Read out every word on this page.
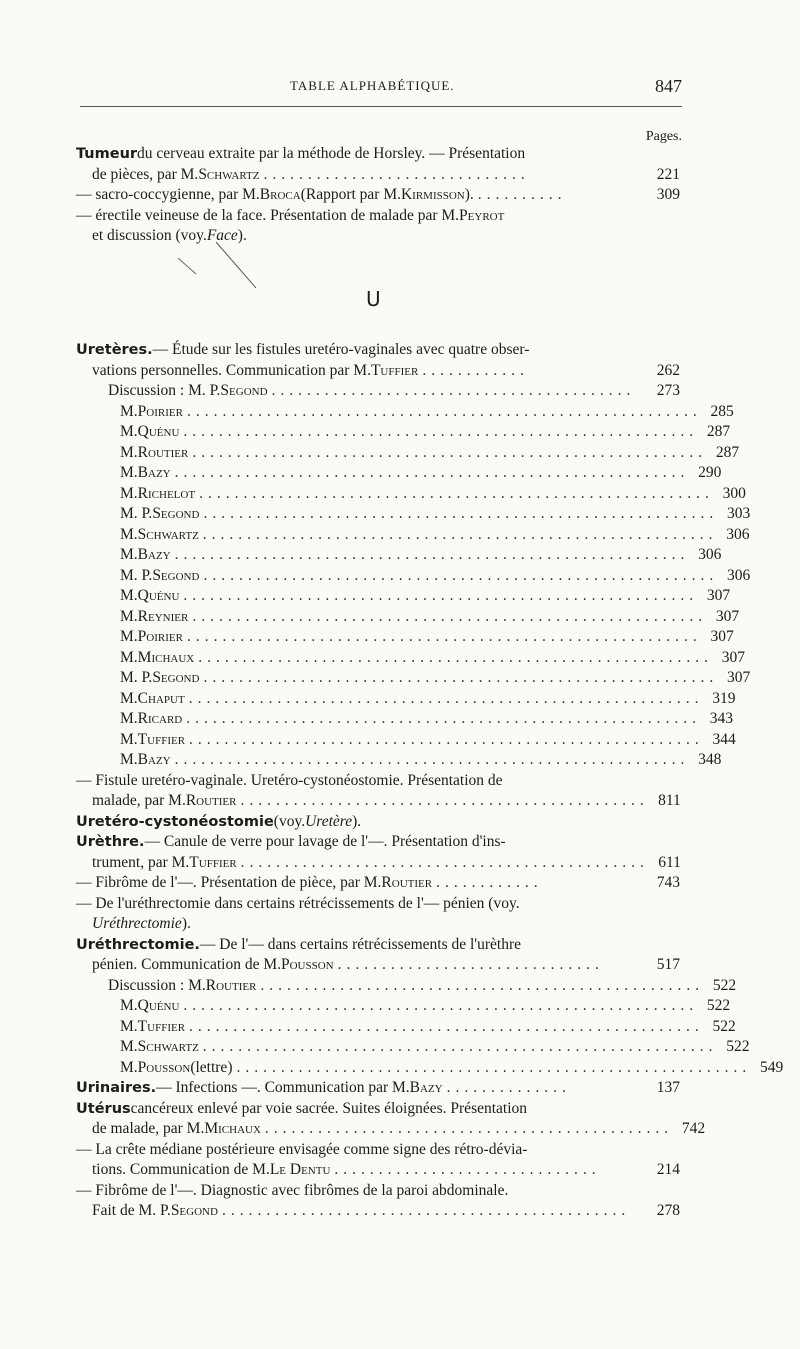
TABLE ALPHABÉTIQUE.	847
Pages.
Tumeur du cerveau extraite par la méthode de Horsley. — Présentation
de pièces, par M. Schwartz ..............................	221
— sacro-coccygienne, par M. Broca (Rapport par M. Kirmisson ). ..........	309
— érectile veineuse de la face. Présentation de malade par M. Peyrot
et discussion (voy. Face ).
U
Uretères. — Étude sur les fistules uretéro-vaginales avec quatre obser-
vations personnelles. Communication par M. Tuffier ............	262
Discussion : M. P. Segond .........................................	273
M. Poirier .......................................................... 285
M. Quénu .......................................................... 287
M. Routier .......................................................... 287
M. Bazy .......................................................... 290
M. Richelot .......................................................... 300
M. P. Segond .......................................................... 303
M. Schwartz .......................................................... 306
M. Bazy .......................................................... 306
M. P. Segond .......................................................... 306
M. Quénu .......................................................... 307
M. Reynier .......................................................... 307
M. Poirier .......................................................... 307
M. Michaux .......................................................... 307
M. P. Segond .......................................................... 307
M. Chaput .......................................................... 319
M. Ricard .......................................................... 343
M. Tuffier .......................................................... 344
M. Bazy .......................................................... 348
— Fistule uretéro-vaginale. Uretéro-cystonéostomie. Présentation de
malade, par M. Routier .............................................. 811
Uretéro-cystonéostomie (voy. Uretère ).
Urèthre. — Canule de verre pour lavage de l'—. Présentation d'ins-
trument, par M. Tuffier .............................................. 611
— Fibrôme de l'—. Présentation de pièce, par M. Routier ............	743
— De l'uréthrectomie dans certains rétrécissements de l'— pénien (voy.
Uréthrectomie ).
Uréthrectomie. — De l'— dans certains rétrécissements de l'urèthre
pénien. Communication de M. Pousson ..............................	517
Discussion : M. Routier .................................................. 522
M. Quénu .......................................................... 522
M. Tuffier .......................................................... 522
M. Schwartz .......................................................... 522
M. Pousson (lettre) .......................................................... 549
Urinaires. — Infections —. Communication par M. Bazy ..............	137
Utérus cancéreux enlevé par voie sacrée. Suites éloignées. Présentation
de malade, par M. Michaux .............................................. 742
— La crête médiane postérieure envisagée comme signe des rétro-dévia-
tions. Communication de M. Le Dentu ..............................	214
— Fibrôme de l'—. Diagnostic avec fibrômes de la paroi abdominale.
Fait de M. P. Segond ..............................................	278
